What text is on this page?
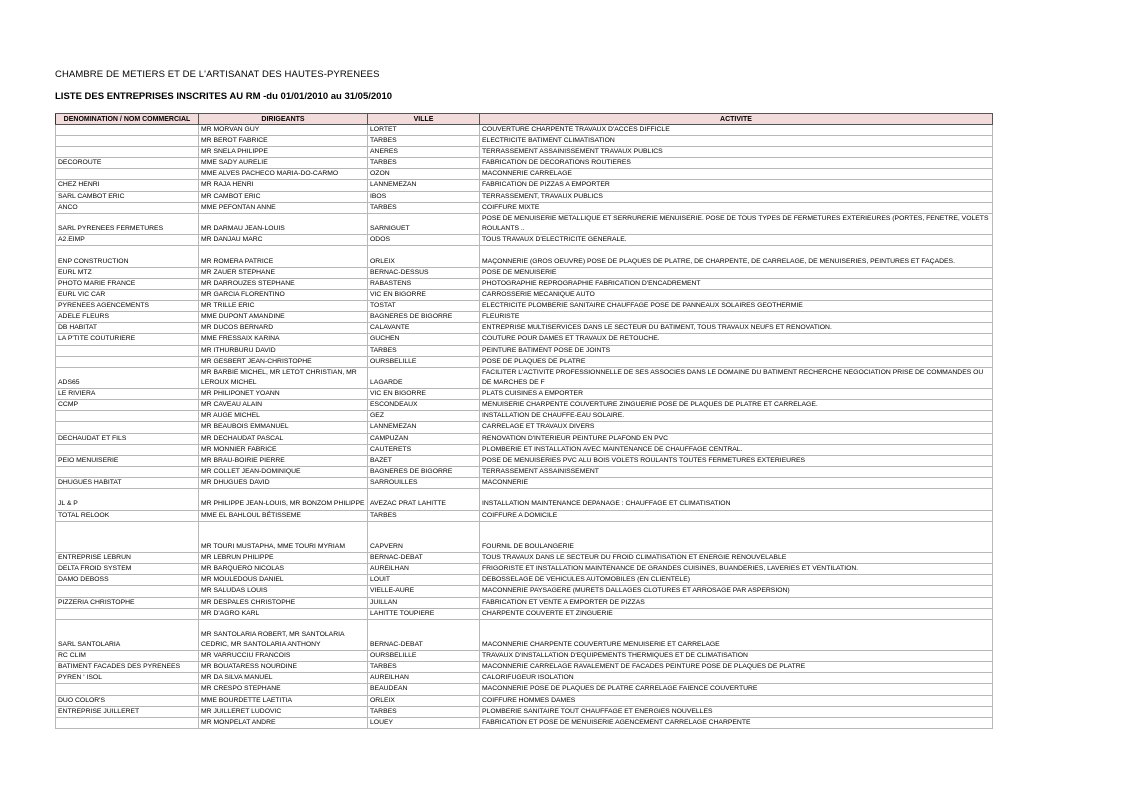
CHAMBRE DE METIERS ET DE L'ARTISANAT DES HAUTES-PYRENEES
LISTE DES ENTREPRISES INSCRITES AU RM -du 01/01/2010 au 31/05/2010
DENOMINATION / NOM COMMERCIAL	DIRIGEANTS	VILLE	ACTIVITE
	MR MORVAN GUY	LORTET	COUVERTURE CHARPENTE TRAVAUX D'ACCES DIFFICLE
	MR BEROT FABRICE	TARBES	ELECTRICITE BATIMENT CLIMATISATION
	MR SNELA PHILIPPE	ANERES	TERRASSEMENT ASSAINISSEMENT TRAVAUX PUBLICS
DECOROUTE	MME SADY AURELIE	TARBES	FABRICATION DE DECORATIONS ROUTIERES
	MME ALVES PACHECO MARIA-DO-CARMO	OZON	MACONNERIE CARRELAGE
CHEZ HENRI	MR RAJA HENRI	LANNEMEZAN	FABRICATION DE PIZZAS A EMPORTER
SARL CAMBOT ERIC	MR CAMBOT ERIC	IBOS	TERRASSEMENT, TRAVAUX PUBLICS
ANCO	MME PEFONTAN ANNE	TARBES	COIFFURE MIXTE
SARL PYRENEES FERMETURES	MR DARMAU JEAN-LOUIS	SARNIGUET	POSE DE MENUISERIE METALLIQUE ET SERRURERIE MENUISERIE. POSE DE TOUS TYPES DE FERMETURES EXTERIEURES (PORTES, FENETRE, VOLETS ROULANTS ..
A2.EIMP	MR DANJAU MARC	ODOS	TOUS TRAVAUX D'ELECTRICITE GENERALE.
ENP CONSTRUCTION	MR ROMERA PATRICE	ORLEIX	MAÇONNERIE (GROS OEUVRE) POSE DE PLAQUES DE PLATRE, DE CHARPENTE, DE CARRELAGE, DE MENUISERIES, PEINTURES ET FAÇADES.
EURL MTZ	MR ZAUER STEPHANE	BERNAC-DESSUS	POSE DE MENUISERIE
PHOTO MARIE FRANCE	MR DARROUZES STEPHANE	RABASTENS	PHOTOGRAPHIE REPROGRAPHIE FABRICATION D'ENCADREMENT
EURL VIC CAR	MR GARCIA FLORENTINO	VIC EN BIGORRE	CARROSSERIE MECANIQUE AUTO
PYRENEES AGENCEMENTS	MR TRILLE ERIC	TOSTAT	ELECTRICITE PLOMBERIE SANITAIRE CHAUFFAGE POSE DE PANNEAUX SOLAIRES GEOTHERMIE
ADELE FLEURS	MME DUPONT AMANDINE	BAGNERES DE BIGORRE	FLEURISTE
DB HABITAT	MR DUCOS BERNARD	CALAVANTE	ENTREPRISE MULTISERVICES DANS LE SECTEUR DU BATIMENT, TOUS TRAVAUX NEUFS ET RENOVATION.
LA P'TITE COUTURIERE	MME FRESSAIX KARINA	GUCHEN	COUTURE POUR DAMES ET TRAVAUX DE RETOUCHE.
	MR ITHURBURU DAVID	TARBES	PEINTURE BATIMENT POSE DE JOINTS
	MR GESBERT JEAN-CHRISTOPHE	OURSBELILLE	POSE DE PLAQUES DE PLATRE
ADS65	MR BARBIE MICHEL, MR LETOT CHRISTIAN, MR LEROUX MICHEL	LAGARDE	FACILITER L'ACTIVITE PROFESSIONNELLE DE SES ASSOCIES DANS LE DOMAINE DU BATIMENT RECHERCHE NEGOCIATION PRISE DE COMMANDES OU DE MARCHES DE F
LE RIVIERA	MR PHILIPONET YOANN	VIC EN BIGORRE	PLATS CUISINES A EMPORTER
CCMP	MR CAVEAU ALAIN	ESCONDEAUX	MENUISERIE CHARPENTE COUVERTURE ZINGUERIE POSE DE PLAQUES DE PLATRE ET CARRELAGE.
	MR AUGE MICHEL	GEZ	INSTALLATION DE CHAUFFE-EAU SOLAIRE.
	MR BEAUBOIS EMMANUEL	LANNEMEZAN	CARRELAGE ET TRAVAUX DIVERS
DECHAUDAT ET FILS	MR DECHAUDAT PASCAL	CAMPUZAN	RENOVATION D'INTERIEUR PEINTURE PLAFOND EN PVC
	MR MONNIER FABRICE	CAUTERETS	PLOMBERIE ET INSTALLATION AVEC MAINTENANCE DE CHAUFFAGE CENTRAL.
PEIO MENUISERIE	MR BRAU-BOIRIE PIERRE	BAZET	POSE DE MENUISERIES PVC ALU BOIS VOLETS ROULANTS TOUTES FERMETURES EXTERIEURES
	MR COLLET JEAN-DOMINIQUE	BAGNERES DE BIGORRE	TERRASSEMENT ASSAINISSEMENT
DHUGUES HABITAT	MR DHUGUES DAVID	SARROUILLES	MACONNERIE
JL & P	MR PHILIPPE JEAN-LOUIS, MR BONZOM PHILIPPE	AVEZAC PRAT LAHITTE	INSTALLATION MAINTENANCE DEPANAGE : CHAUFFAGE ET CLIMATISATION
TOTAL RELOOK	MME EL BAHLOUL BÉTISSEME	TARBES	COIFFURE A DOMICILE
	MR TOURI MUSTAPHA, MME TOURI MYRIAM	CAPVERN	FOURNIL DE BOULANGERIE
ENTREPRISE LEBRUN	MR LEBRUN PHILIPPE	BERNAC-DEBAT	TOUS TRAVAUX DANS LE SECTEUR DU FROID CLIMATISATION ET ENERGIE RENOUVELABLE
DELTA FROID SYSTEM	MR BARQUERO NICOLAS	AUREILHAN	FRIGORISTE ET INSTALLATION MAINTENANCE DE GRANDES CUISINES, BUANDERIES, LAVERIES ET VENTILATION.
DAMO DEBOSS	MR MOULEDOUS DANIEL	LOUIT	DEBOSSELAGE DE VEHICULES AUTOMOBILES (EN CLIENTELE)
	MR SALUDAS LOUIS	VIELLE-AURE	MACONNERIE PAYSAGERE (MURETS DALLAGES CLOTURES ET ARROSAGE PAR ASPERSION)
PIZZERIA CHRISTOPHE	MR DESPALES CHRISTOPHE	JUILLAN	FABRICATION ET VENTE A EMPORTER DE PIZZAS
	MR D'AGRO KARL	LAHITTE TOUPIERE	CHARPENTE COUVERTE ET ZINGUERIE
SARL SANTOLARIA	MR SANTOLARIA ROBERT, MR SANTOLARIA CEDRIC, MR SANTOLARIA ANTHONY	BERNAC-DEBAT	MACONNERIE CHARPENTE COUVERTURE MENUISERIE ET CARRELAGE
RC CLIM	MR VARRUCCIU FRANCOIS	OURSBELILLE	TRAVAUX D'INSTALLATION D'EQUIPEMENTS THERMIQUES ET DE CLIMATISATION
BATIMENT FACADES DES PYRENEES	MR BOUATARESS NOURDINE	TARBES	MACONNERIE CARRELAGE RAVALEMENT DE FACADES PEINTURE POSE DE PLAQUES DE PLATRE
PYREN ' ISOL	MR DA SILVA MANUEL	AUREILHAN	CALORIFUGEUR ISOLATION
	MR CRESPO STEPHANE	BEAUDEAN	MACONNERIE POSE DE PLAQUES DE PLATRE CARRELAGE FAIENCE COUVERTURE
DUO COLOR'S	MME BOURDETTE LAETITIA	ORLEIX	COIFFURE HOMMES DAMES
ENTREPRISE JUILLERET	MR JUILLERET LUDOVIC	TARBES	PLOMBERIE SANITAIRE TOUT CHAUFFAGE ET ENERGIES NOUVELLES
	MR MONPELAT ANDRE	LOUEY	FABRICATION ET POSE DE MENUISERIE AGENCEMENT CARRELAGE CHARPENTE
